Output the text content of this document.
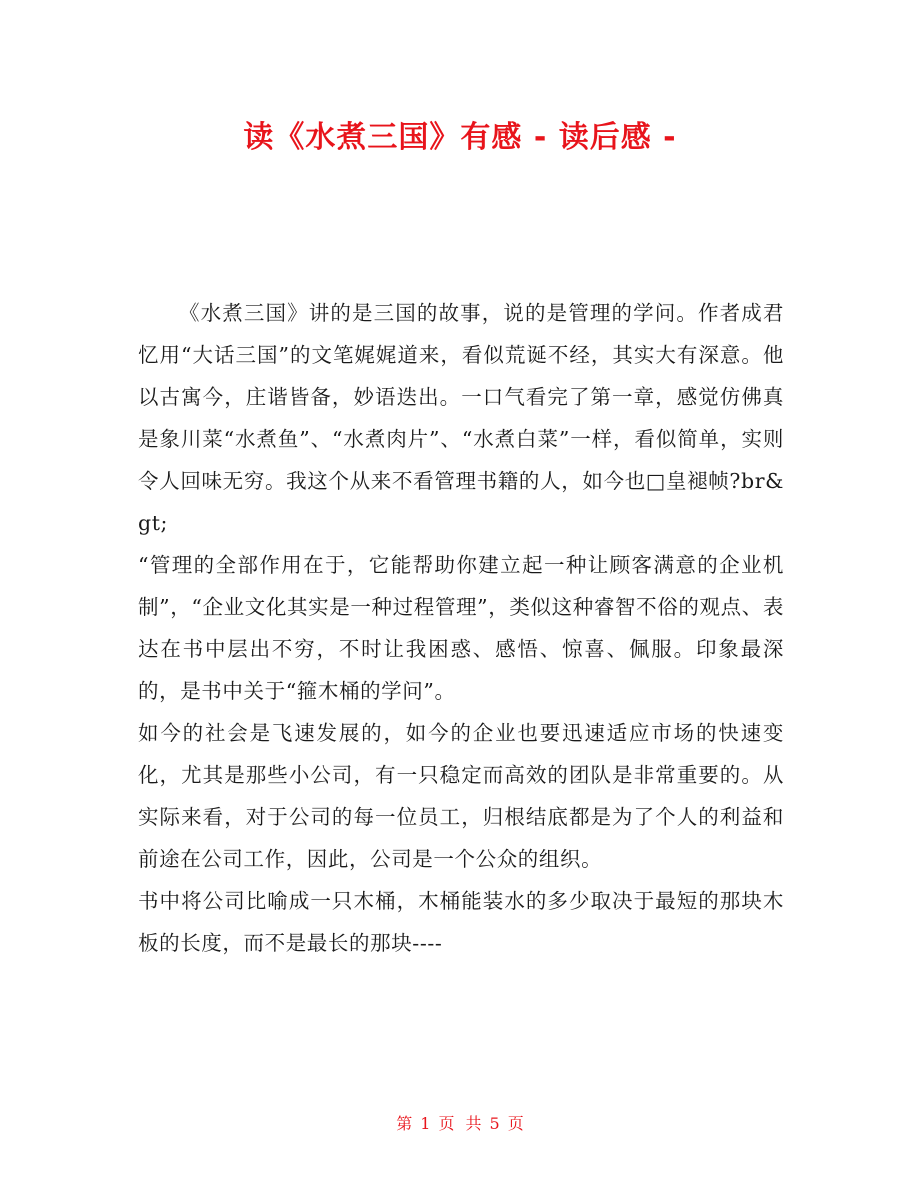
读《水煮三国》有感 - 读后感 -

《水煮三国》讲的是三国的故事，说的是管理的学问。作者成君忆用“大话三国”的文笔娓娓道来，看似荒诞不经，其实大有深意。他以古寓今，庄谐皆备，妙语迭出。一口气看完了第一章，感觉仿佛真是象川菜“水煮鱼”、“水煮肉片”、“水煮白菜”一样，看似简单，实则令人回味无穷。我这个从来不看管理书籍的人，如今也□皇褪帧?br&gt;

“管理的全部作用在于，它能帮助你建立起一种让顾客满意的企业机制”，“企业文化其实是一种过程管理”，类似这种睿智不俗的观点、表达在书中层出不穷，不时让我困惑、感悟、惊喜、佩服。印象最深的，是书中关于“箍木桶的学问”。

如今的社会是飞速发展的，如今的企业也要迅速适应市场的快速变化，尤其是那些小公司，有一只稳定而高效的团队是非常重要的。从实际来看，对于公司的每一位员工，归根结底都是为了个人的利益和前途在公司工作，因此，公司是一个公众的组织。

书中将公司比喻成一只木桶，木桶能装水的多少取决于最短的那块木板的长度，而不是最长的那块----

第 1 页 共 5 页
